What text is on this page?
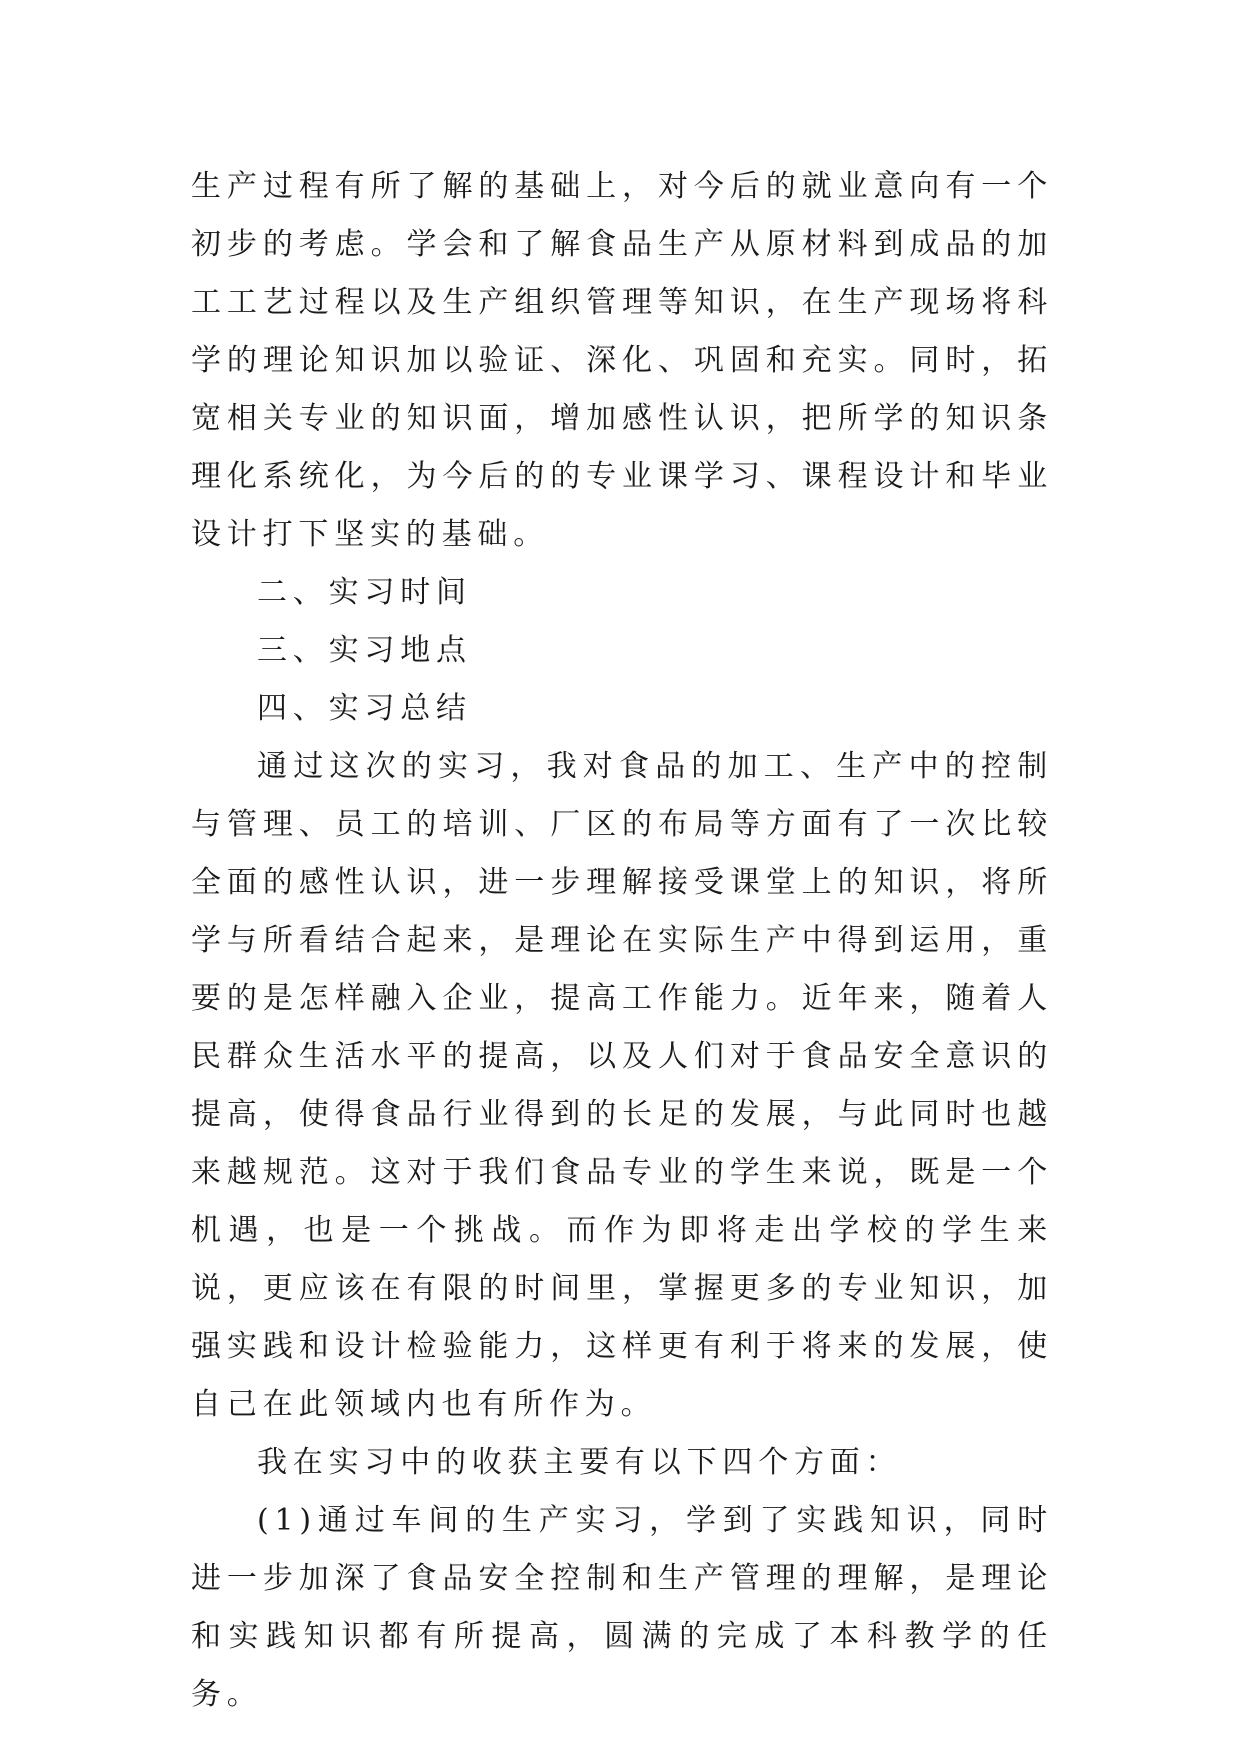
生产过程有所了解的基础上，对今后的就业意向有一个初步的考虑。学会和了解食品生产从原材料到成品的加工工艺过程以及生产组织管理等知识，在生产现场将科学的理论知识加以验证、深化、巩固和充实。同时，拓宽相关专业的知识面，增加感性认识，把所学的知识条理化系统化，为今后的的专业课学习、课程设计和毕业设计打下坚实的基础。

二、实习时间

三、实习地点

四、实习总结

通过这次的实习，我对食品的加工、生产中的控制与管理、员工的培训、厂区的布局等方面有了一次比较全面的感性认识，进一步理解接受课堂上的知识，将所学与所看结合起来，是理论在实际生产中得到运用，重要的是怎样融入企业，提高工作能力。近年来，随着人民群众生活水平的提高，以及人们对于食品安全意识的提高，使得食品行业得到的长足的发展，与此同时也越来越规范。这对于我们食品专业的学生来说，既是一个机遇，也是一个挑战。而作为即将走出学校的学生来说，更应该在有限的时间里，掌握更多的专业知识，加强实践和设计检验能力，这样更有利于将来的发展，使自己在此领域内也有所作为。

我在实习中的收获主要有以下四个方面：

(1)通过车间的生产实习，学到了实践知识，同时进一步加深了食品安全控制和生产管理的理解，是理论和实践知识都有所提高，圆满的完成了本科教学的任务。
